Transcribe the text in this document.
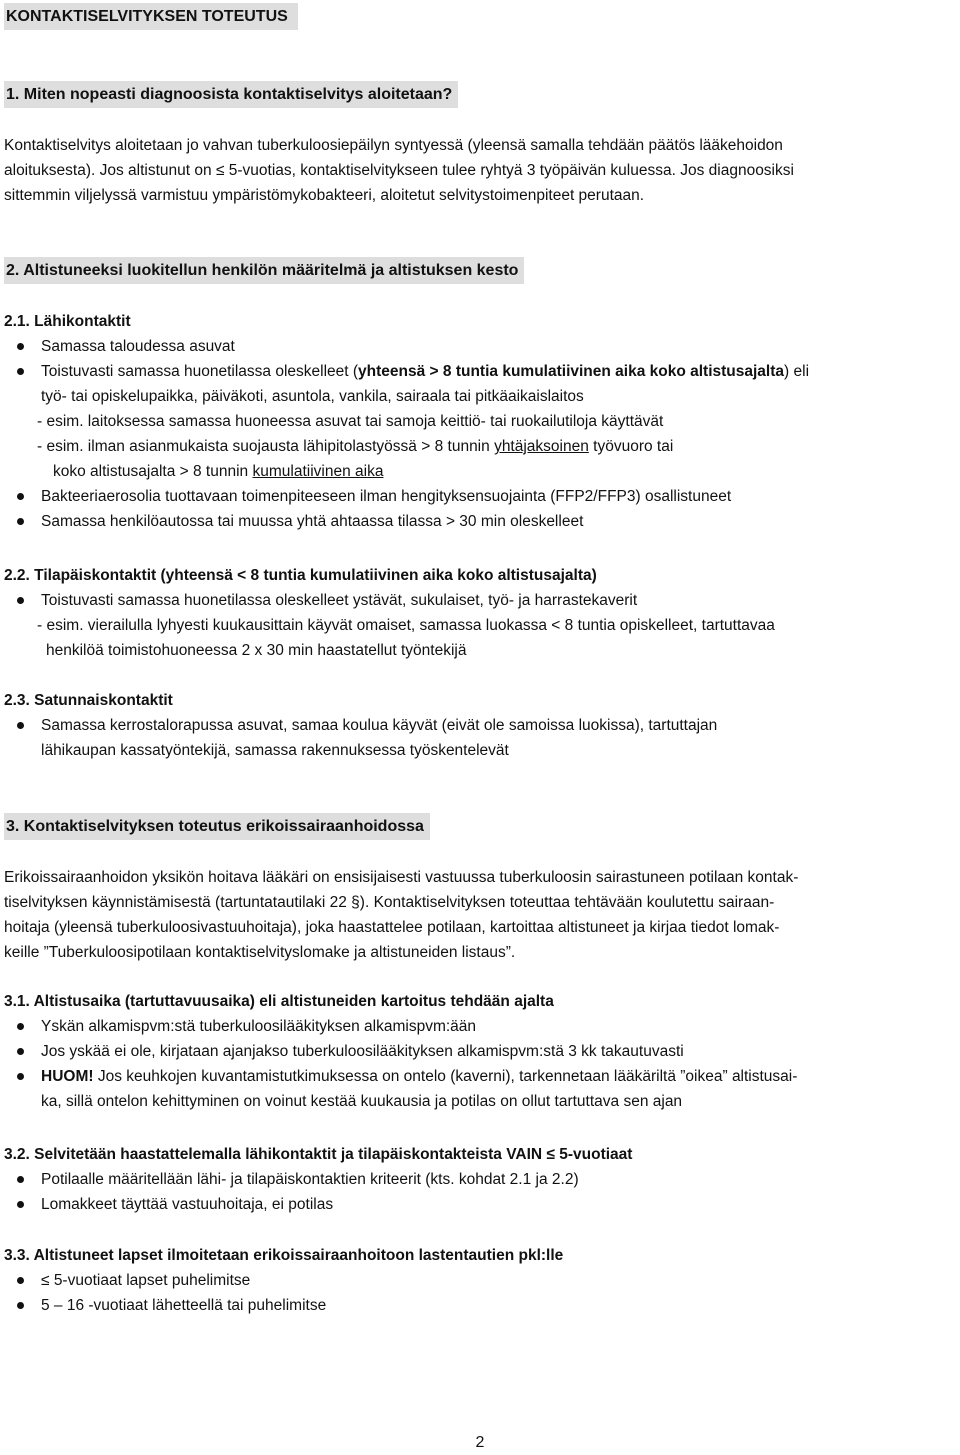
KONTAKTISELVITYKSEN TOTEUTUS
1. Miten nopeasti diagnoosista kontaktiselvitys aloitetaan?

Kontaktiselvitys aloitetaan jo vahvan tuberkuloosiepäilyn syntyessä (yleensä samalla tehdään päätös lääkehoidon

aloituksesta). Jos altistunut on ≤ 5-vuotias, kontaktiselvitykseen tulee ryhtyä 3 työpäivän kuluessa. Jos diagnoosiksi

sittemmin viljelyssä varmistuu ympäristömykobakteeri, aloitetut selvitystoimenpiteet perutaan.

2. Altistuneeksi luokitellun henkilön määritelmä ja altistuksen kesto

2.1. Lähikontaktit

Samassa taloudessa asuvat
Toistuvasti samassa huonetilassa oleskelleet (yhteensä > 8 tuntia kumulatiivinen aika koko altistusajalta) eli

työ- tai opiskelupaikka, päiväkoti, asuntola, vankila, sairaala tai pitkäaikaislaitos

- esim. laitoksessa samassa huoneessa asuvat tai samoja keittiö- tai ruokailutiloja käyttävät

- esim. ilman asianmukaista suojausta lähipitolastyössä > 8 tunnin yhtäjaksoinen työvuoro tai

koko altistusajalta > 8 tunnin kumulatiivinen aika

Bakteeriaerosolia tuottavaan toimenpiteeseen ilman hengityksensuojainta (FFP2/FFP3) osallistuneet
Samassa henkilöautossa tai muussa yhtä ahtaassa tilassa > 30 min oleskelleet

2.2. Tilapäiskontaktit (yhteensä < 8 tuntia kumulatiivinen aika koko altistusajalta)

Toistuvasti samassa huonetilassa oleskelleet ystävät, sukulaiset, työ- ja harrastekaverit

- esim. vierailulla lyhyesti kuukausittain käyvät omaiset, samassa luokassa < 8 tuntia opiskelleet, tartuttavaa

henkilöä toimistohuoneessa 2 x 30 min haastatellut työntekijä

2.3. Satunnaiskontaktit

Samassa kerrostalorapussa asuvat, samaa koulua käyvät (eivät ole samoissa luokissa), tartuttajan

lähikaupan kassatyöntekijä, samassa rakennuksessa työskentelevät

3. Kontaktiselvityksen toteutus erikoissairaanhoidossa

Erikoissairaanhoidon yksikön hoitava lääkäri on ensisijaisesti vastuussa tuberkuloosin sairastuneen potilaan kontak-

tiselvityksen käynnistämisestä (tartuntatautilaki 22 §). Kontaktiselvityksen toteuttaa tehtävään koulutettu sairaan-

hoitaja (yleensä tuberkuloosivastuuhoitaja), joka haastattelee potilaan, kartoittaa altistuneet ja kirjaa tiedot lomak-

keille ”Tuberkuloosipotilaan kontaktiselvityslomake ja altistuneiden listaus”.

3.1. Altistusaika (tartuttavuusaika) eli altistuneiden kartoitus tehdään ajalta

Yskän alkamispvm:stä tuberkuloosilääkityksen alkamispvm:ään
Jos yskää ei ole, kirjataan ajanjakso tuberkuloosilääkityksen alkamispvm:stä 3 kk takautuvasti
HUOM! Jos keuhkojen kuvantamistutkimuksessa on ontelo (kaverni), tarkennetaan lääkäriltä ”oikea” altistusai-

ka, sillä ontelon kehittyminen on voinut kestää kuukausia ja potilas on ollut tartuttava sen ajan

3.2. Selvitetään haastattelemalla lähikontaktit ja tilapäiskontakteista VAIN ≤ 5-vuotiaat

Potilaalle määritellään lähi- ja tilapäiskontaktien kriteerit (kts. kohdat 2.1 ja 2.2)
Lomakkeet täyttää vastuuhoitaja, ei potilas

3.3. Altistuneet lapset ilmoitetaan erikoissairaanhoitoon lastentautien pkl:lle

≤ 5-vuotiaat lapset puhelimitse
5 – 16 -vuotiaat lähetteellä tai puhelimitse
2
